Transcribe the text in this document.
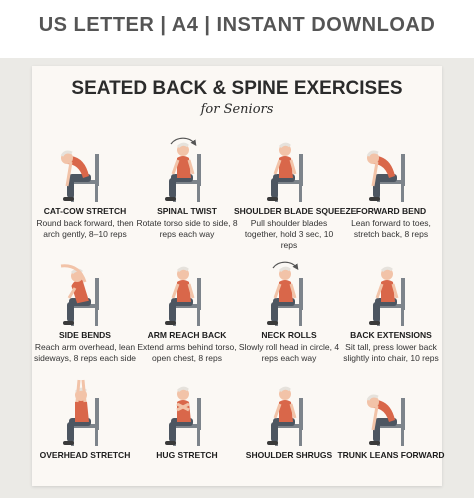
US LETTER | A4 | INSTANT DOWNLOAD
SEATED BACK & SPINE EXERCISES
for Seniors
CAT-COW STRETCH
Round back forward, then arch gently, 8–10 reps
SPINAL TWIST
Rotate torso side to side, 8 reps each way
SHOULDER BLADE SQUEEZE
Pull shoulder blades together, hold 3 sec, 10 reps
FORWARD BEND
Lean forward to toes, stretch back, 8 reps
SIDE BENDS
Reach arm overhead, lean sideways, 8 reps each side
ARM REACH BACK
Extend arms behind torso, open chest, 8 reps
NECK ROLLS
Slowly roll head in circle, 4 reps each way
BACK EXTENSIONS
Sit tall, press lower back slightly into chair, 10 reps
OVERHEAD STRETCH	HUG STRETCH	SHOULDER SHRUGS TRUNK LEANS FORWARD
